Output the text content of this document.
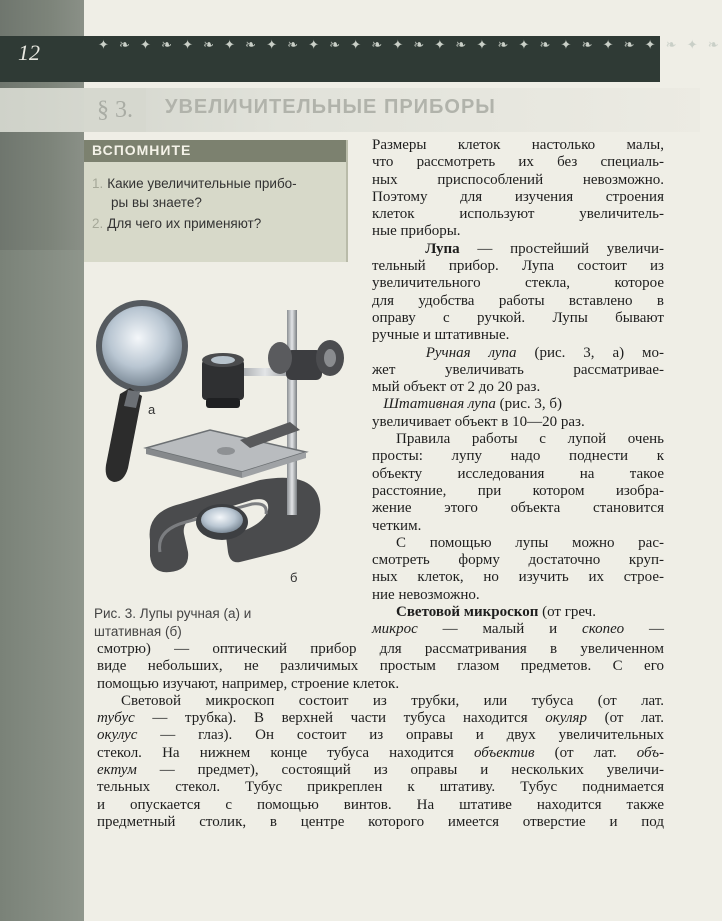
12	✦ ❧ ✦ ❧ ✦ ❧ ✦ ❧ ✦ ❧ ✦ ❧ ✦ ❧ ✦ ❧ ✦ ❧ ✦ ❧ ✦ ❧ ✦ ❧ ✦ ❧ ✦ ❧ ✦ ❧
§ 3.	УВЕЛИЧИТЕЛЬНЫЕ ПРИБОРЫ
ВСПОМНИТЕ
1. Какие увеличительные прибо-
ры вы знаете?
2. Для чего их применяют?
а
б
Рис. 3. Лупы ручная (а) и
штативная (б)

Размеры клеток настолько малы,

что рассмотреть их без специаль-

ных приспособлений невозможно.

Поэтому для изучения строения

клеток используют увеличитель-

ные приборы.

Лупа — простейший увеличи-

тельный прибор. Лупа состоит из

увеличительного стекла, которое

для удобства работы вставлено в

оправу с ручкой. Лупы бывают

ручные и штативные.

Ручная лупа (рис. 3, а) мо-

жет увеличивать рассматривае-

мый объект от 2 до 20 раз.

Штативная лупа (рис. 3, б)

увеличивает объект в 10—20 раз.

Правила работы с лупой очень

просты: лупу надо поднести к

объекту исследования на такое

расстояние, при котором изобра-

жение этого объекта становится

четким.

С помощью лупы можно рас-

смотреть форму достаточно круп-

ных клеток, но изучить их строе-

ние невозможно.

Световой микроскоп (от греч.

микрос — малый и скопео —

смотрю) — оптический прибор для рассматривания в увеличенном

виде небольших, не различимых простым глазом предметов. С его

помощью изучают, например, строение клеток.

Световой микроскоп состоит из трубки, или тубуса (от лат.

тубус — трубка). В верхней части тубуса находится окуляр (от лат.

окулус — глаз). Он состоит из оправы и двух увеличительных

стекол. На нижнем конце тубуса находится объектив (от лат. объ-

ектум — предмет), состоящий из оправы и нескольких увеличи-

тельных стекол. Тубус прикреплен к штативу. Тубус поднимается

и опускается с помощью винтов. На штативе находится также

предметный столик, в центре которого имеется отверстие и под
